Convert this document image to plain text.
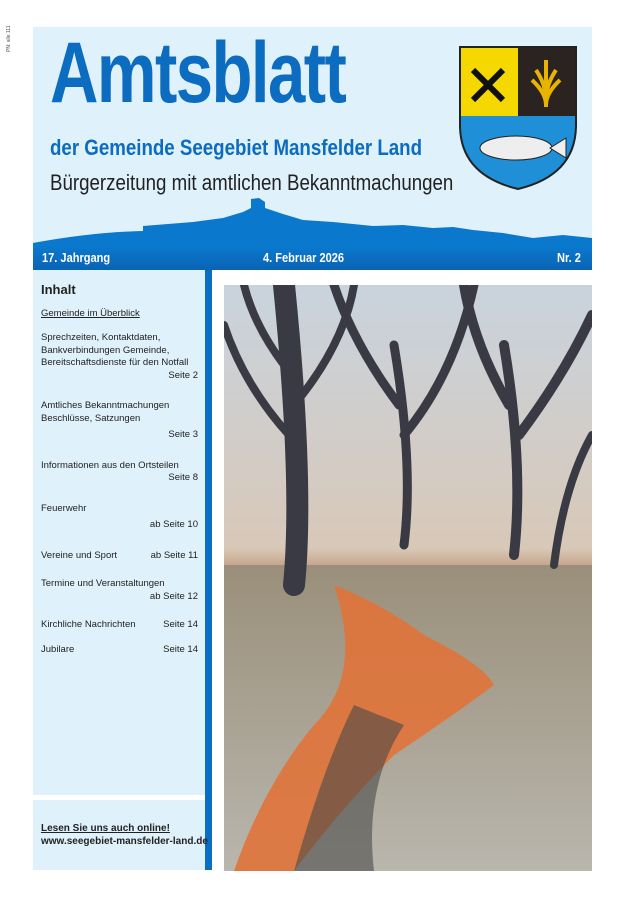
PN: alle 111 Amtsblatt
der Gemeinde Seegebiet Mansfelder Land
Bürgerzeitung mit amtlichen Bekanntmachungen
17. Jahrgang	4. Februar 2026	Nr. 2
Inhalt
Gemeinde im Überblick
Sprechzeiten, Kontaktdaten, Bankverbindungen Gemeinde, Bereitschaftsdienste für den Notfall
Seite 2
Amtliches Bekanntmachungen Beschlüsse, Satzungen
Seite 3
Informationen aus den Ortsteilen
Seite 8
Feuerwehr
ab Seite 10
Vereine und Sport	ab Seite 11
Termine und Veranstaltungen
ab Seite 12
Kirchliche Nachrichten	Seite 14
Jubilare	Seite 14
Lesen Sie uns auch online!
www.seegebiet-mansfelder-land.de
